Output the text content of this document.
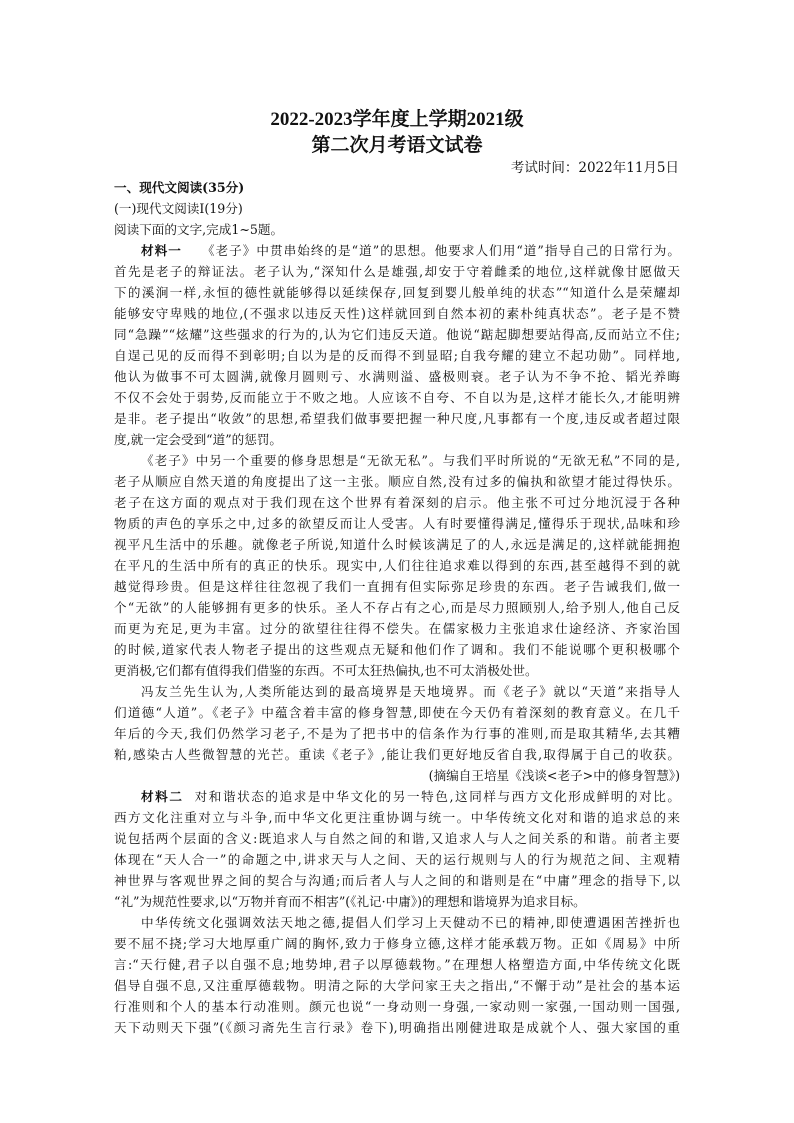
2022-2023学年度上学期2021级
第二次月考语文试卷
考试时间：2022年11月5日
一、现代文阅读(35分)
(一)现代文阅读Ⅰ(19分)
阅读下面的文字,完成1~5题。
材料一 《老子》中贯串始终的是“道”的思想。他要求人们用“道”指导自己的日常行为。
首先是老子的辩证法。老子认为,“深知什么是雄强,却安于守着雌柔的地位,这样就像甘愿做天
下的溪涧一样,永恒的德性就能够得以延续保存,回复到婴儿般单纯的状态”“知道什么是荣耀却
能够安守卑贱的地位,(不强求以违反天性)这样就回到自然本初的素朴纯真状态”。老子是不赞
同“急躁”“炫耀”这些强求的行为的,认为它们违反天道。他说“踮起脚想要站得高,反而站立不住;
自逞己见的反而得不到彰明;自以为是的反而得不到显昭;自我夸耀的建立不起功勋”。同样地,
他认为做事不可太圆满,就像月圆则亏、水满则溢、盛极则衰。老子认为不争不抢、韬光养晦
不仅不会处于弱势,反而能立于不败之地。人应该不自夸、不自以为是,这样才能长久,才能明辨
是非。老子提出“收敛”的思想,希望我们做事要把握一种尺度,凡事都有一个度,违反或者超过限
度,就一定会受到“道”的惩罚。
《老子》中另一个重要的修身思想是“无欲无私”。与我们平时所说的“无欲无私”不同的是,
老子从顺应自然天道的角度提出了这一主张。顺应自然,没有过多的偏执和欲望才能过得快乐。
老子在这方面的观点对于我们现在这个世界有着深刻的启示。他主张不可过分地沉浸于各种
物质的声色的享乐之中,过多的欲望反而让人受害。人有时要懂得满足,懂得乐于现状,品味和珍
视平凡生活中的乐趣。就像老子所说,知道什么时候该满足了的人,永远是满足的,这样就能拥抱
在平凡的生活中所有的真正的快乐。现实中,人们往往追求难以得到的东西,甚至越得不到的就
越觉得珍贵。但是这样往往忽视了我们一直拥有但实际弥足珍贵的东西。老子告诫我们,做一
个“无欲”的人能够拥有更多的快乐。圣人不存占有之心,而是尽力照顾别人,给予别人,他自己反
而更为充足,更为丰富。过分的欲望往往得不偿失。在儒家极力主张追求仕途经济、齐家治国
的时候,道家代表人物老子提出的这些观点无疑和他们作了调和。我们不能说哪个更积极哪个
更消极,它们都有值得我们借鉴的东西。不可太狂热偏执,也不可太消极处世。
冯友兰先生认为,人类所能达到的最高境界是天地境界。而《老子》就以“天道”来指导人
们道德“人道”。《老子》中蕴含着丰富的修身智慧,即使在今天仍有着深刻的教育意义。在几千
年后的今天,我们仍然学习老子,不是为了把书中的信条作为行事的准则,而是取其精华,去其糟
粕,感染古人些微智慧的光芒。重读《老子》,能让我们更好地反省自我,取得属于自己的收获。
(摘编自王培星《浅谈<老子>中的修身智慧》)
材料二 对和谐状态的追求是中华文化的另一特色,这同样与西方文化形成鲜明的对比。
西方文化注重对立与斗争,而中华文化更注重协调与统一。中华传统文化对和谐的追求总的来
说包括两个层面的含义:既追求人与自然之间的和谐,又追求人与人之间关系的和谐。前者主要
体现在“天人合一”的命题之中,讲求天与人之间、天的运行规则与人的行为规范之间、主观精
神世界与客观世界之间的契合与沟通;而后者人与人之间的和谐则是在“中庸”理念的指导下,以
“礼”为规范性要求,以“万物并育而不相害”(《礼记·中庸》)的理想和谐境界为追求目标。
中华传统文化强调效法天地之德,提倡人们学习上天健动不已的精神,即使遭遇困苦挫折也
要不屈不挠;学习大地厚重广阔的胸怀,致力于修身立德,这样才能承载万物。正如《周易》中所
言:“天行健,君子以自强不息;地势坤,君子以厚德载物。”在理想人格塑造方面,中华传统文化既
倡导自强不息,又注重厚德载物。明清之际的大学问家王夫之指出,“不懈于动”是社会的基本运
行准则和个人的基本行动准则。颜元也说“一身动则一身强,一家动则一家强,一国动则一国强,
天下动则天下强”(《颜习斋先生言行录》卷下),明确指出刚健进取是成就个人、强大家国的重
